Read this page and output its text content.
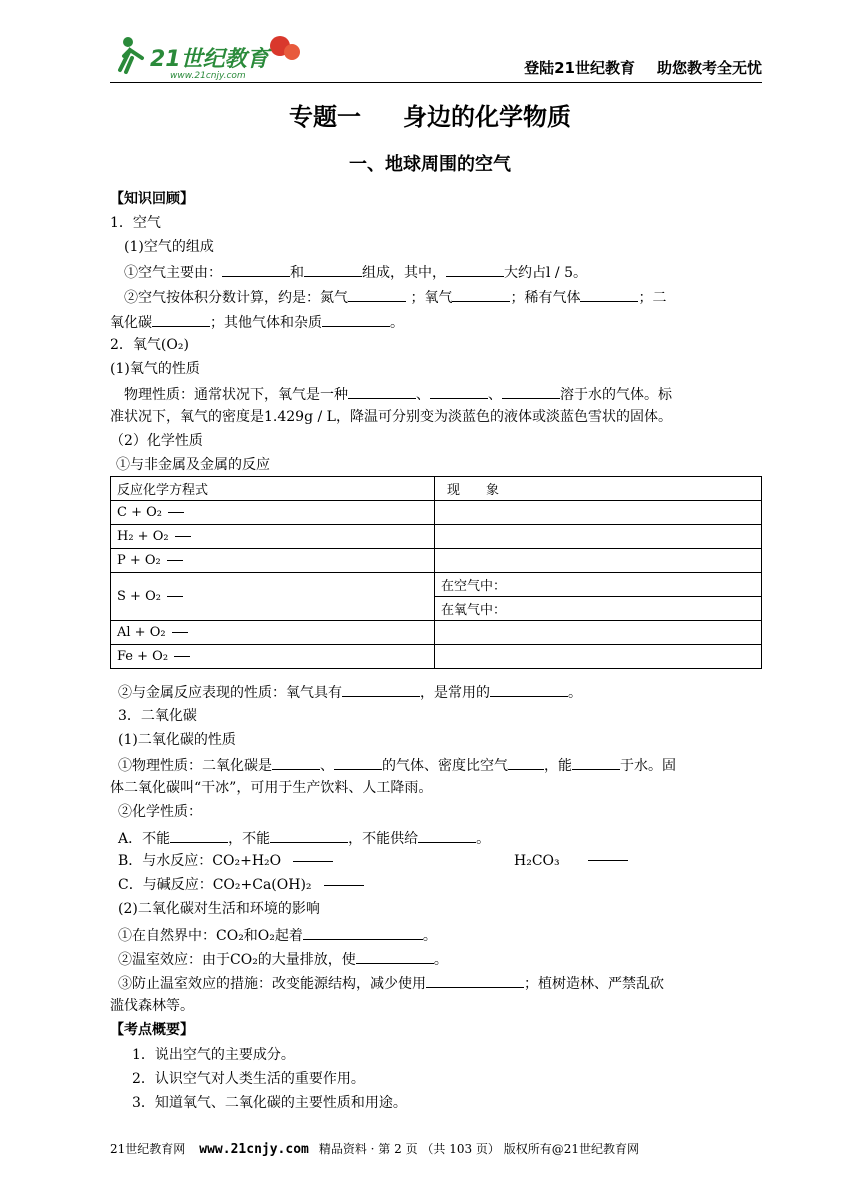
21世纪教育
www.21cnjy.com	登陆21世纪教育 助您教考全无忧
专题一 身边的化学物质
一、地球周围的空气
【知识回顾】
1．空气
(1)空气的组成
①空气主要由：	和	组成，其中，	大约占l / 5。
②空气按体积分数计算，约是：氮气	；氧气	；稀有气体	；二
氧化碳	；其他气体和杂质	。
2．氧气(O₂)
(1)氧气的性质
物理性质：通常状况下，氧气是一种	、	、	溶于水的气体。标
准状况下，氧气的密度是1.429g / L，降温可分别变为淡蓝色的液体或淡蓝色雪状的固体。
（2）化学性质
①与非金属及金属的反应
反应化学方程式	现　　象
C + O₂	
H₂ + O₂	
P + O₂	
S + O₂	在空气中：
	在氧气中：
Al + O₂	
Fe + O₂	
②与金属反应表现的性质：氧气具有	，是常用的	。
3．二氧化碳
(1)二氧化碳的性质
①物理性质：二氧化碳是	、	的气体、密度比空气	，能	于水。固
体二氧化碳叫“干冰”，可用于生产饮料、人工降雨。
②化学性质：
A．不能	，不能	，不能供给	。
B．与水反应：CO₂+H₂O	H₂CO₃
C．与碱反应：CO₂+Ca(OH)₂
(2)二氧化碳对生活和环境的影响
①在自然界中：CO₂和O₂起着	。
②温室效应：由于CO₂的大量排放，使	。
③防止温室效应的措施：改变能源结构，减少使用	；植树造林、严禁乱砍
滥伐森林等。
【考点概要】
1．说出空气的主要成分。
2．认识空气对人类生活的重要作用。
3．知道氧气、二氧化碳的主要性质和用途。
21世纪教育网 www.21cnjy.com 精品资料 · 第 2 页 （共 103 页） 版权所有@21世纪教育网
